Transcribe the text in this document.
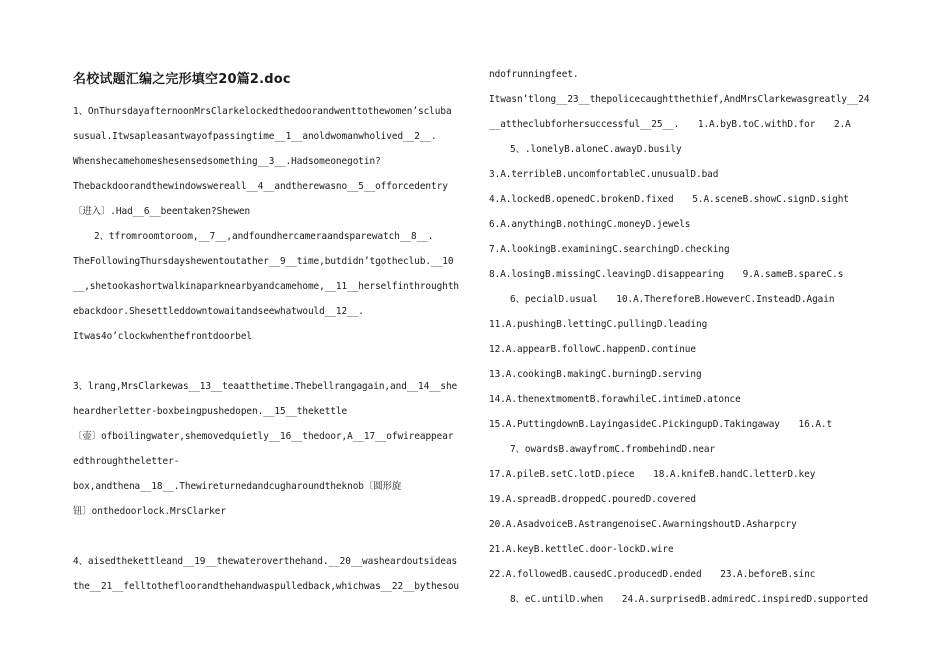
名校试题汇编之完形填空20篇2.doc
1、OnThursdayafternoonMrsClarkelockedthedoorandwenttothewomen’scluba
susual.Itwsapleasantwayofpassingtime__1__anoldwomanwholived__2__.
Whenshecamehomeshesensedsomething__3__.Hadsomeonegotin?
Thebackdoorandthewindowswereall__4__andtherewasno__5__offorcedentry
〔进入〕.Had__6__beentaken?Shewen
2、tfromroomtoroom,__7__,andfoundhercameraandsparewatch__8__.
TheFollowingThursdayshewentoutather__9__time,butdidn’tgotheclub.__10
__,shetookashortwalkinaparknearbyandcamehome,__11__herselfinthroughth
ebackdoor.Shesettleddowntowaitandseewhatwould__12__.
Itwas4o’clockwhenthefrontdoorbel
3、lrang,MrsClarkewas__13__teaatthetime.Thebellrangagain,and__14__she
heardherletter-boxbeingpushedopen.__15__thekettle
〔壶〕ofboilingwater,shemovedquietly__16__thedoor,A__17__ofwireappear
edthroughtheletter-
box,andthena__18__.Thewireturnedandcugharoundtheknob〔圆形旋
钮〕onthedoorlock.MrsClarker
4、aisedthekettleand__19__thewateroverthehand.__20__washeardoutsideas
the__21__felltothefloorandthehandwaspulledback,whichwas__22__bythesou
ndofrunningfeet.
Itwasn’tlong__23__thepolicecaughtthethief,AndMrsClarkewasgreatly__24
__attheclubforhersuccessful__25__.　　1.A.byB.toC.withD.for　　2.A
5、.lonelyB.aloneC.awayD.busily
3.A.terribleB.uncomfortableC.unusualD.bad
4.A.lockedB.openedC.brokenD.fixed　　5.A.sceneB.showC.signD.sight
6.A.anythingB.nothingC.moneyD.jewels
7.A.lookingB.examiningC.searchingD.checking
8.A.losingB.missingC.leavingD.disappearing　　9.A.sameB.spareC.s
6、pecialD.usual　　10.A.ThereforeB.HoweverC.InsteadD.Again
11.A.pushingB.lettingC.pullingD.leading
12.A.appearB.followC.happenD.continue
13.A.cookingB.makingC.burningD.serving
14.A.thenextmomentB.forawhileC.intimeD.atonce
15.A.PuttingdownB.LayingasideC.PickingupD.Takingaway　　16.A.t
7、owardsB.awayfromC.frombehindD.near
17.A.pileB.setC.lotD.piece　　18.A.knifeB.handC.letterD.key
19.A.spreadB.droppedC.pouredD.covered
20.A.AsadvoiceB.AstrangenoiseC.AwarningshoutD.Asharpcry
21.A.keyB.kettleC.door-lockD.wire
22.A.followedB.causedC.producedD.ended　　23.A.beforeB.sinc
8、eC.untilD.when　　24.A.surprisedB.admiredC.inspiredD.supported
